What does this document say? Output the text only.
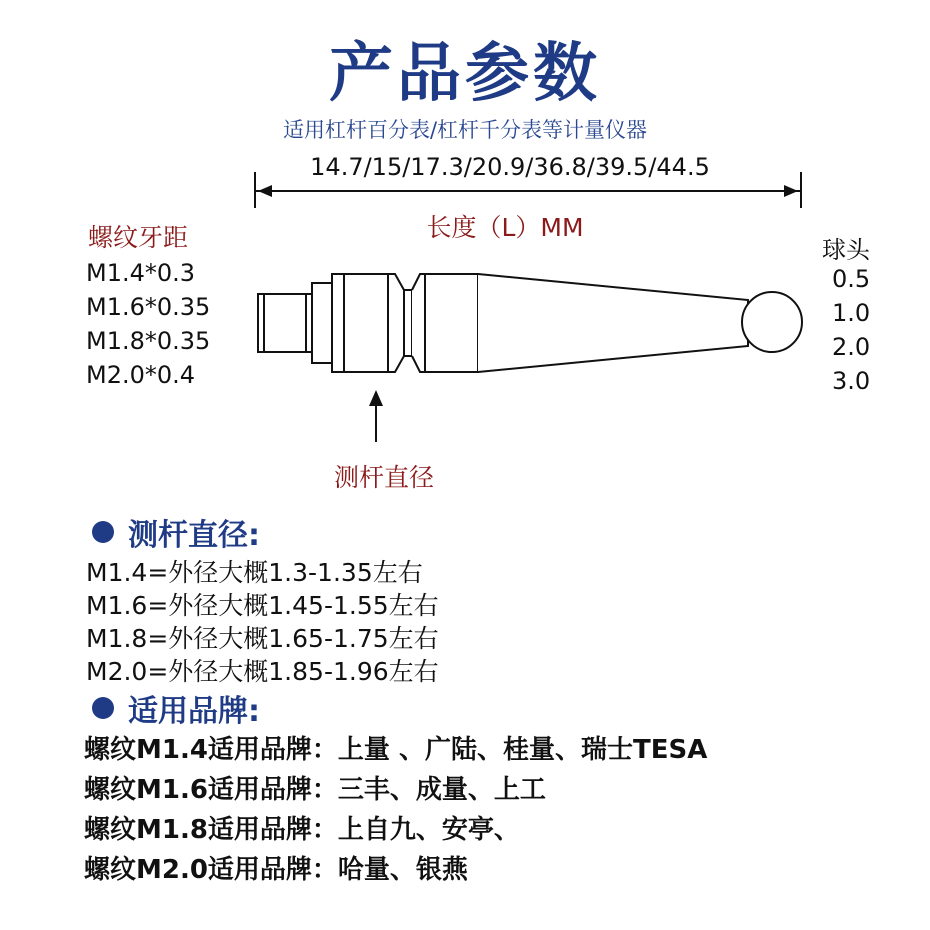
产品参数
适用杠杆百分表/杠杆千分表等计量仪器
14.7/15/17.3/20.9/36.8/39.5/44.5
长度（L）MM
螺纹牙距
M1.4*0.3
M1.6*0.35
M1.8*0.35
M2.0*0.4
球头
0.5
1.0
2.0
3.0
测杆直径
测杆直径:
M1.4=外径大概1.3-1.35左右
M1.6=外径大概1.45-1.55左右
M1.8=外径大概1.65-1.75左右
M2.0=外径大概1.85-1.96左右
适用品牌:
螺纹M1.4适用品牌：上量 、广陆、桂量、瑞士TESA
螺纹M1.6适用品牌：三丰、成量、上工
螺纹M1.8适用品牌：上自九、安亭、
螺纹M2.0适用品牌：哈量、银燕
